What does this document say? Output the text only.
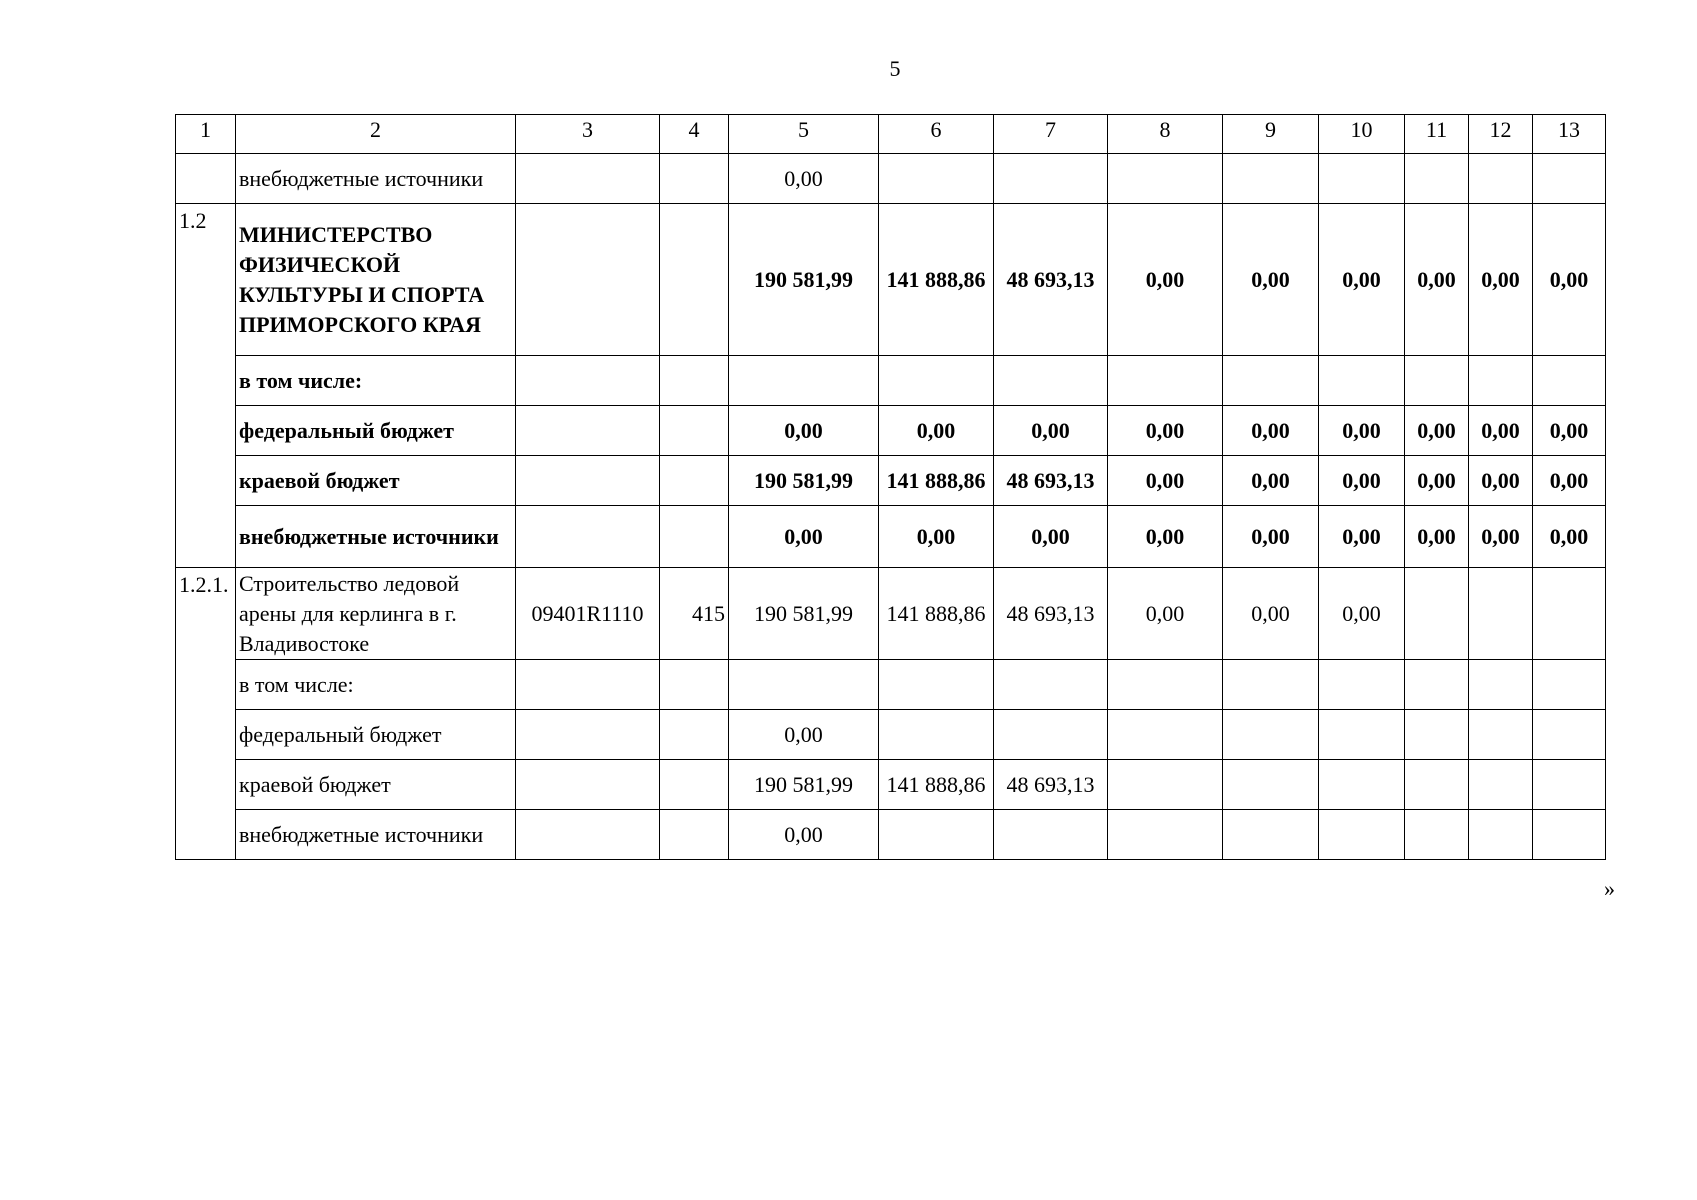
5
1	2	3	4	5	6	7	8	9	10	11	12	13
	внебюджетные источники			0,00								
1.2	МИНИСТЕРСТВО ФИЗИЧЕСКОЙ КУЛЬТУРЫ И СПОРТА ПРИМОРСКОГО КРАЯ			190 581,99	141 888,86	48 693,13	0,00	0,00	0,00	0,00	0,00	0,00
	в том числе:											
	федеральный бюджет			0,00	0,00	0,00	0,00	0,00	0,00	0,00	0,00	0,00
	краевой бюджет			190 581,99	141 888,86	48 693,13	0,00	0,00	0,00	0,00	0,00	0,00
	внебюджетные источники			0,00	0,00	0,00	0,00	0,00	0,00	0,00	0,00	0,00
1.2.1.	Строительство ледовой арены для керлинга в г. Владивостоке	09401R1110	415	190 581,99	141 888,86	48 693,13	0,00	0,00	0,00			
	в том числе:											
	федеральный бюджет			0,00								
	краевой бюджет			190 581,99	141 888,86	48 693,13						
	внебюджетные источники			0,00								
»
